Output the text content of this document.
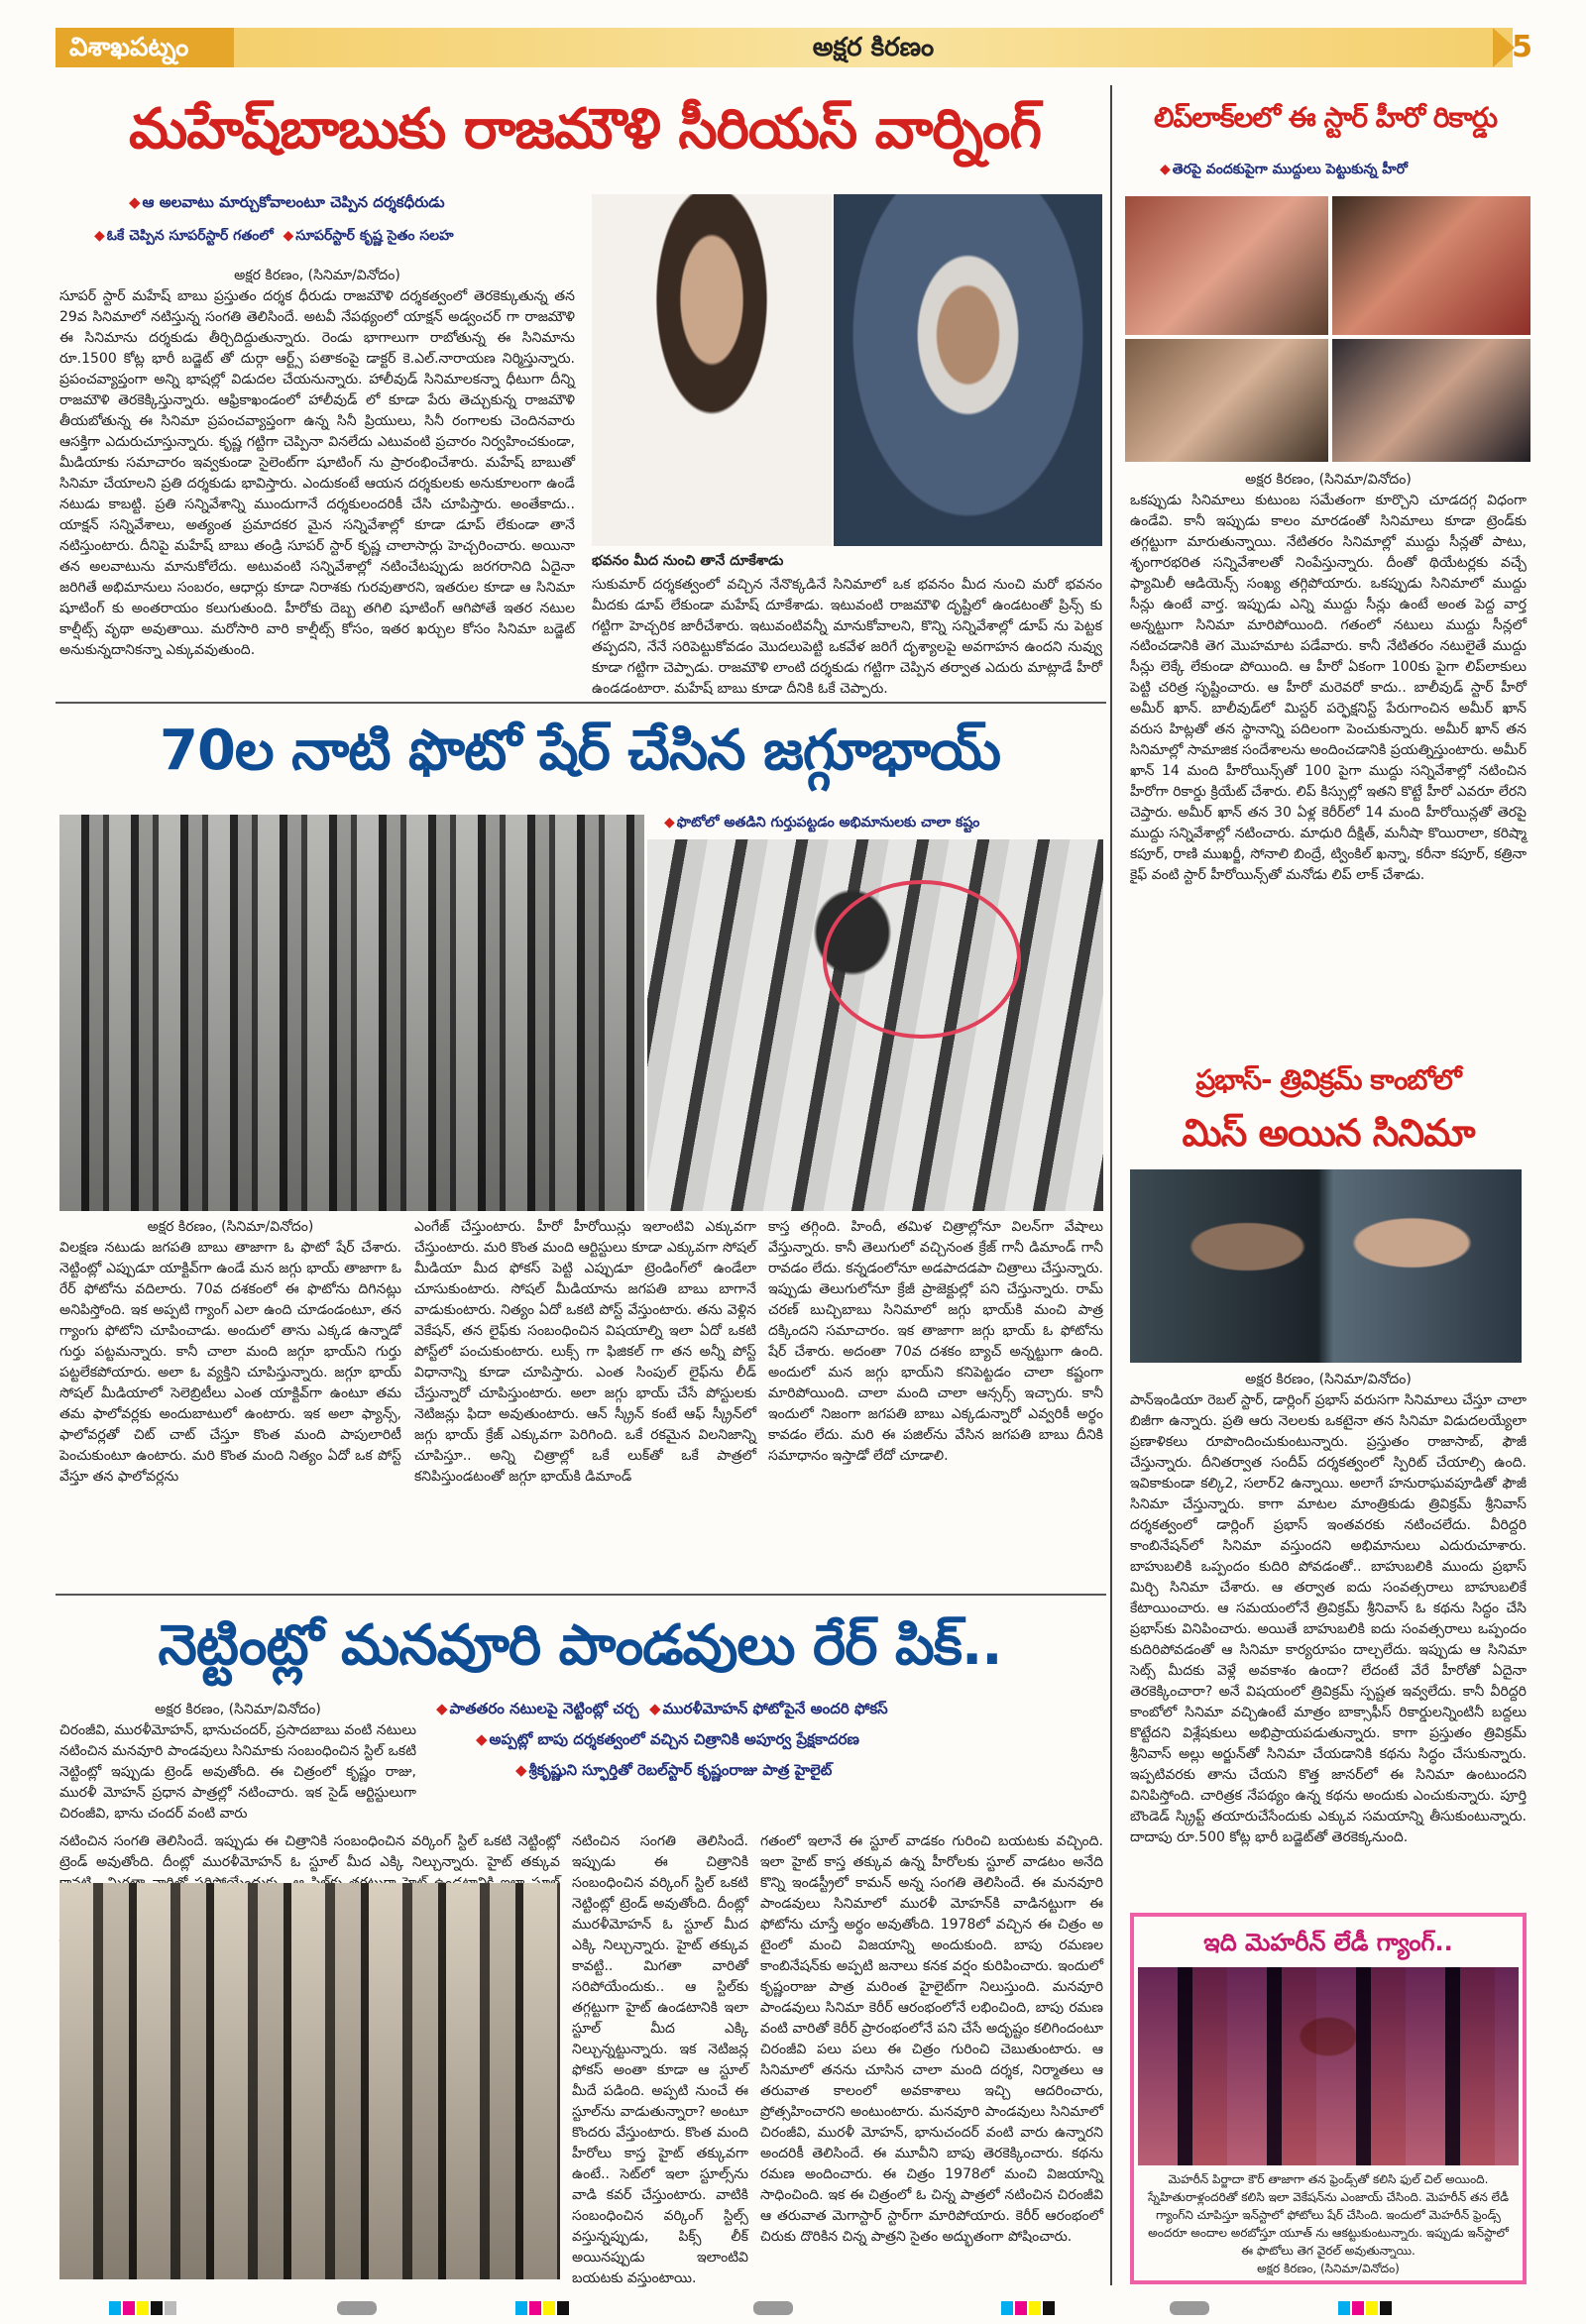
విశాఖపట్నం	అక్షర కిరణం	5
మహేష్‌బాబుకు రాజమౌళి సీరియస్ వార్నింగ్
◆ ఆ అలవాటు మార్చుకోవాలంటూ చెప్పిన దర్శకధీరుడు
◆ ఓకే చెప్పిన సూపర్‌స్టార్ గతంలో  ◆ సూపర్‌స్టార్ కృష్ణ సైతం సలహ
అక్షర కిరణం, (సినిమా/వినోదం)
సూపర్ స్టార్ మహేష్ బాబు ప్రస్తుతం దర్శక ధీరుడు రాజమౌళి దర్శకత్వంలో తెరకెక్కుతున్న తన 29వ సినిమాలో నటిస్తున్న సంగతి తెలిసిందే. అటవీ నేపథ్యంలో యాక్షన్ అడ్వంచర్ గా రాజమౌళి ఈ సినిమాను దర్శకుడు తీర్చిదిద్దుతున్నారు. రెండు భాగాలుగా రాబోతున్న ఈ సినిమాను రూ.1500 కోట్ల భారీ బడ్జెట్ తో దుర్గా ఆర్ట్స్ పతాకంపై డాక్టర్ కె.ఎల్.నారాయణ నిర్మిస్తున్నారు. ప్రపంచవ్యాప్తంగా అన్ని భాషల్లో విడుదల చేయనున్నారు. హాలీవుడ్ సినిమాలకన్నా ధీటుగా దీన్ని రాజమౌళి తెరకెక్కిస్తున్నారు. ఆఫ్రికాఖండంలో హాలీవుడ్ లో కూడా పేరు తెచ్చుకున్న రాజమౌళి తీయబోతున్న ఈ సినిమా ప్రపంచవ్యాప్తంగా ఉన్న సినీ ప్రియులు, సినీ రంగాలకు చెందినవారు ఆసక్తిగా ఎదురుచూస్తున్నారు. కృష్ణ గట్టిగా చెప్పినా వినలేదు ఎటువంటి ప్రచారం నిర్వహించకుండా, మీడియాకు సమాచారం ఇవ్వకుండా సైలెంట్‌గా షూటింగ్ ను ప్రారంభించేశారు. మహేష్ బాబుతో సినిమా చేయాలని ప్రతి దర్శకుడు భావిస్తారు. ఎందుకంటే ఆయన దర్శకులకు అనుకూలంగా ఉండే నటుడు కాబట్టి. ప్రతి సన్నివేశాన్ని ముందుగానే దర్శకులందరికీ చేసి చూపిస్తారు. అంతేకాదు.. యాక్షన్ సన్నివేశాలు, అత్యంత ప్రమాదకర మైన సన్నివేశాల్లో కూడా డూప్ లేకుండా తానే నటిస్తుంటారు. దీనిపై మహేష్ బాబు తండ్రి సూపర్ స్టార్ కృష్ణ చాలాసార్లు హెచ్చరించారు. అయినా తన అలవాటును మానుకోలేదు. అటువంటి సన్నివేశాల్లో నటించేటప్పుడు జరగరానిది ఏదైనా జరిగితే అభిమానులు సంబరం, ఆధార్లు కూడా నిరాశకు గురవుతారని, ఇతరుల కూడా ఆ సినిమా షూటింగ్ కు అంతరాయం కలుగుతుంది. హీరోకు దెబ్బ తగిలి షూటింగ్ ఆగిపోతే ఇతర నటుల కాల్షీట్స్ వృథా అవుతాయి. మరోసారి వారి కాల్షీట్స్ కోసం, ఇతర ఖర్చుల కోసం సినిమా బడ్జెట్ అనుకున్నదానికన్నా ఎక్కువవుతుంది.
భవనం మీద నుంచి తానే దూకేశాడు
సుకుమార్ దర్శకత్వంలో వచ్చిన నేనొక్కడినే సినిమాలో ఒక భవనం మీద నుంచి మరో భవనం మీదకు డూప్ లేకుండా మహేష్ దూకేశాడు. ఇటువంటి రాజమౌళి దృష్టిలో ఉండటంతో ప్రిన్స్ కు గట్టిగా హెచ్చరిక జారీచేశారు. ఇటువంటివన్నీ మానుకోవాలని, కొన్ని సన్నివేశాల్లో డూప్ ను పెట్టక తప్పదని, నేనే సరిపెట్టుకోవడం మొదలుపెట్టి ఒకవేళ జరిగే దృశ్యాలపై అవగాహన ఉందని నువ్వు కూడా గట్టిగా చెప్పాడు. రాజమౌళి లాంటి దర్శకుడు గట్టిగా చెప్పిన తర్వాత ఎదురు మాట్లాడే హీరో ఉండడంటారా. మహేష్ బాబు కూడా దీనికి ఓకే చెప్పారు.
70ల నాటి ఫొటో షేర్ చేసిన జగ్గూభాయ్
◆ ఫొటోలో అతడిని గుర్తుపట్టడం అభిమానులకు చాలా కష్టం
అక్షర కిరణం, (సినిమా/వినోదం)
విలక్షణ నటుడు జగపతి బాబు తాజాగా ఓ ఫొటో షేర్ చేశారు. నెట్టింట్లో ఎప్పుడూ యాక్టివ్‌గా ఉండే మన జగ్గు భాయ్ తాజాగా ఓ రేర్ ఫోటోను వదిలారు. 70వ దశకంలో ఈ ఫొటోను దిగినట్లు అనిపిస్తోంది. ఇక అప్పటి గ్యాంగ్ ఎలా ఉంది చూడండంటూ, తన గ్యాంగు ఫోటోని చూపించాడు. అందులో తాను ఎక్కడ ఉన్నాడో గుర్తు పట్టమన్నారు. కానీ చాలా మంది జగ్గూ భాయ్‌ని గుర్తు పట్టలేకపోయారు. అలా ఓ వ్యక్తిని చూపిస్తున్నారు. జగ్గూ భాయ్ సోషల్ మీడియాలో సెలెబ్రిటీలు ఎంత యాక్టివ్‌గా ఉంటూ తమ తమ ఫాలోవర్లకు అందుబాటులో ఉంటారు. ఇక అలా ఫ్యాన్స్‌, ఫాలోవర్లతో చిట్ చాట్ చేస్తూ కొంత మంది పాపులారిటీ పెంచుకుంటూ ఉంటారు. మరి కొంత మంది నిత్యం ఏదో ఒక పోస్ట్ వేస్తూ తన ఫాలోవర్లను
ఎంగేజ్ చేస్తుంటారు. హీరో హీరోయిన్లు ఇలాంటివి ఎక్కువగా చేస్తుంటారు. మరి కొంత మంది ఆర్టిస్టులు కూడా ఎక్కువగా సోషల్ మీడియా మీద ఫోకస్ పెట్టి ఎప్పుడూ ట్రెండింగ్‌లో ఉండేలా చూసుకుంటారు. సోషల్ మీడియాను జగపతి బాబు బాగానే వాడుకుంటారు. నిత్యం ఏదో ఒకటి పోస్ట్ వేస్తుంటారు. తను వెళ్లిన వెకేషన్, తన లైఫ్‌కు సంబంధించిన విషయాల్ని ఇలా ఏదో ఒకటి పోస్ట్‌లో పంచుకుంటారు. లుక్స్ గా ఫిజికల్ గా తన అన్నీ పోస్ట్ విధానాన్ని కూడా చూపిస్తారు. ఎంత సింపుల్ లైఫ్‌ను లీడ్ చేస్తున్నారో చూపిస్తుంటారు. అలా జగ్గు భాయ్ చేసే పోస్టులకు నెటిజన్లు ఫిదా అవుతుంటారు. ఆన్ స్క్రీన్ కంటే ఆఫ్ స్క్రీన్‌లో జగ్గు భాయ్ క్రేజ్ ఎక్కువగా పెరిగింది. ఒకే రకమైన విలనిజాన్ని చూపిస్తూ.. అన్ని చిత్రాల్లో ఒకే లుక్‌తో ఒకే పాత్రలో కనిపిస్తుండటంతో జగ్గూ భాయ్‌కి డిమాండ్
కాస్త తగ్గింది. హిందీ, తమిళ చిత్రాల్లోనూ విలన్‌గా వేషాలు వేస్తున్నారు. కానీ తెలుగులో వచ్చినంత క్రేజ్ గానీ డిమాండ్ గానీ రావడం లేదు. కన్నడంలోనూ అడపాదడపా చిత్రాలు చేస్తున్నారు. ఇప్పుడు తెలుగులోనూ క్రేజీ ప్రాజెక్టుల్లో పని చేస్తున్నారు. రామ్ చరణ్ బుచ్చిబాబు సినిమాలో జగ్గు భాయ్‌కి మంచి పాత్ర దక్కిందని సమాచారం. ఇక తాజాగా జగ్గు భాయ్ ఓ ఫోటోను షేర్ చేశారు. అదంతా 70వ దశకం బ్యాచ్ అన్నట్టుగా ఉంది. అందులో మన జగ్గు భాయ్‌ని కనిపెట్టడం చాలా కష్టంగా మారిపోయింది. చాలా మంది చాలా ఆన్సర్స్ ఇచ్చారు. కానీ ఇందులో నిజంగా జగపతి బాబు ఎక్కడున్నారో ఎవ్వరికీ అర్థం కావడం లేదు. మరి ఈ పజిల్‌ను వేసిన జగపతి బాబు దీనికి సమాధానం ఇస్తాడో లేదో చూడాలి.
నెట్టింట్లో మనవూరి పాండవులు రేర్ పిక్..
◆ పాతతరం నటులపై నెట్టింట్లో చర్చ  ◆ మురళీమోహన్ ఫోటోపైనే అందరి ఫోకస్
◆ అప్పట్లో బాపు దర్శకత్వంలో వచ్చిన చిత్రానికి అపూర్వ ప్రేక్షకాదరణ
◆ శ్రీకృష్ణుని స్ఫూర్తితో రెబల్‌స్టార్ కృష్ణంరాజు పాత్ర హైలైట్
అక్షర కిరణం, (సినిమా/వినోదం)
చిరంజీవి, మురళీమోహన్, భానుచందర్, ప్రసాదబాబు వంటి నటులు నటించిన మనవూరి పాండవులు సినిమాకు సంబంధించిన స్టిల్ ఒకటి నెట్టింట్లో ఇప్పుడు ట్రెండ్ అవుతోంది. ఈ చిత్రంలో కృష్ణం రాజు, మురళీ మోహన్ ప్రధాన పాత్రల్లో నటించారు. ఇక సైడ్ ఆర్టిస్టులుగా చిరంజీవి, భాను చందర్ వంటి వారు
నటించిన సంగతి తెలిసిందే. ఇప్పుడు ఈ చిత్రానికి సంబంధించిన వర్కింగ్ స్టిల్ ఒకటి నెట్టింట్లో ట్రెండ్ అవుతోంది. దీంట్లో మురళీమోహన్ ఓ స్టూల్ మీద ఎక్కి నిల్చున్నారు. హైట్ తక్కువ
నటించిన సంగతి తెలిసిందే. ఇప్పుడు ఈ చిత్రానికి సంబంధించిన వర్కింగ్ స్టిల్ ఒకటి నెట్టింట్లో ట్రెండ్ అవుతోంది. దీంట్లో మురళీమోహన్ ఓ స్టూల్ మీద ఎక్కి నిల్చున్నారు. హైట్ తక్కువ కావట్టి.. మిగతా వారితో సరిపోయేందుకు.. ఆ స్టిల్‌కు తగ్గట్టుగా హైట్ ఉండటానికి ఇలా స్టూల్ మీద ఎక్కి నిల్చున్నట్టున్నారు. ఇక నెటిజన్ల ఫోకస్ అంతా కూడా ఆ స్టూల్ మీదే పడింది. అప్పటి నుంచే ఈ స్టూల్‌ను వాడుతున్నారా? అంటూ కొందరు వేస్తుంటారు. కొంత మంది హీరోలు కాస్త హైట్ తక్కువగా ఉంటే.. సెట్‌లో ఇలా స్టూల్స్‌ను వాడి కవర్ చేస్తుంటారు. వాటికి సంబంధించిన వర్కింగ్ స్టిల్స్ వస్తున్నప్పుడు, పిక్స్ లీక్ అయినప్పుడు ఇలాంటివి బయటకు వస్తుంటాయి.
గతంలో ఇలానే ఈ స్టూల్ వాడకం గురించి బయటకు వచ్చింది. ఇలా హైట్ కాస్త తక్కువ ఉన్న హీరోలకు స్టూల్ వాడటం అనేది కొన్ని ఇండస్ట్రీలో కామన్ అన్న సంగతి తెలిసిందే. ఈ మనవూరి పాండవులు సినిమాలో మురళీ మోహన్‌కి వాడినట్టుగా ఈ ఫోటోను చూస్తే అర్థం అవుతోంది. 1978లో వచ్చిన ఈ చిత్రం అ టైంలో మంచి విజయాన్ని అందుకుంది. బాపు రమణల కాంబినేషన్‌కు అప్పటి జనాలు కనక వర్షం కురిపించారు. ఇందులో కృష్ణంరాజు పాత్ర మరింత హైలైట్‌గా నిలుస్తుంది. మనవూరి పాండవులు సినిమా కెరీర్ ఆరంభంలోనే లభించింది, బాపు రమణ వంటి వారితో కెరీర్ ప్రారంభంలోనే పని చేసే అదృష్టం కలిగిందంటూ చిరంజీవి పలు పలు ఈ చిత్రం గురించి చెబుతుంటారు. ఆ సినిమాలో తనను చూసిన చాలా మంది దర్శక, నిర్మాతలు ఆ తరువాత కాలంలో అవకాశాలు ఇచ్చి ఆదరించారు, ప్రోత్సహించారని అంటుంటారు. మనవూరి పాండవులు సినిమాలో చిరంజీవి, మురళీ మోహన్, భానుచందర్ వంటి వారు ఉన్నారని అందరికీ తెలిసిందే. ఈ మూవీని బాపు తెరకెక్కించారు. కథను రమణ అందించారు. ఈ చిత్రం 1978లో మంచి విజయాన్ని సాధించింది. ఇక ఈ చిత్రంలో ఓ చిన్న పాత్రలో నటించిన చిరంజీవి ఆ తరువాత మెగాస్టార్ స్టార్‌గా మారిపోయారు. కెరీర్ ఆరంభంలో చిరుకు దొరికిన చిన్న పాత్రని సైతం అద్భుతంగా పోషించారు.
లిప్‌లాక్‌లలో ఈ స్టార్ హీరో రికార్డు
◆ తెరపై వందకుపైగా ముద్దులు పెట్టుకున్న హీరో
అక్షర కిరణం, (సినిమా/వినోదం)
ఒకప్పుడు సినిమాలు కుటుంబ సమేతంగా కూర్చొని చూడదగ్గ విధంగా ఉండేవి. కానీ ఇప్పుడు కాలం మారడంతో సినిమాలు కూడా ట్రెండ్‌కు తగ్గట్టుగా మారుతున్నాయి. నేటితరం సినిమాల్లో ముద్దు సీన్లతో పాటు, శృంగారభరిత సన్నివేశాలతో నింపేస్తున్నారు. దీంతో థియేటర్లకు వచ్చే ఫ్యామిలీ ఆడియెన్స్ సంఖ్య తగ్గిపోయారు. ఒకప్పుడు సినిమాలో ముద్దు సీన్లు ఉంటే వార్త. ఇప్పుడు ఎన్ని ముద్దు సీన్లు ఉంటే అంత పెద్ద వార్త అన్నట్టుగా సినిమా మారిపోయింది. గతంలో నటులు ముద్దు సీన్లలో నటించడానికి తెగ మొహమాట పడేవారు. కానీ నేటితరం నటులైతే ముద్దు సీన్లు లెక్కే లేకుండా పోయింది. ఆ హీరో ఏకంగా 100కు పైగా లిప్‌లాకులు పెట్టి చరిత్ర సృష్టించారు. ఆ హీరో మరెవరో కాదు.. బాలీవుడ్ స్టార్ హీరో అమీర్ ఖాన్. బాలీవుడ్‌లో మిస్టర్ పర్ఫెక్షనిస్ట్ పేరుగాంచిన అమీర్ ఖాన్ వరుస హిట్లతో తన స్థానాన్ని పదిలంగా పెంచుకున్నారు. అమీర్ ఖాన్ తన సినిమాల్లో సామాజిక సందేశాలను అందించడానికి ప్రయత్నిస్తుంటారు. అమీర్ ఖాన్ 14 మంది హీరోయిన్స్‌తో 100 పైగా ముద్దు సన్నివేశాల్లో నటించిన హీరోగా రికార్డు క్రియేట్ చేశారు. లిప్ కిస్సుల్లో ఇతని కొట్టే హీరో ఎవరూ లేరని చెప్తారు. అమీర్ ఖాన్ తన 30 ఏళ్ల కెరీర్‌లో 14 మంది హీరోయిన్లతో తెరపై ముద్దు సన్నివేశాల్లో నటించారు. మాధురి దీక్షిత్, మనీషా కొయిరాలా, కరిష్మా కపూర్, రాణి ముఖర్జీ, సోనాలి బింద్రే, ట్వింకిల్ ఖన్నా, కరీనా కపూర్, కత్రినా కైఫ్ వంటి స్టార్ హీరోయిన్స్‌తో మనోడు లిప్ లాక్ చేశాడు.
ప్రభాస్- త్రివిక్రమ్ కాంబోలో
మిస్ అయిన సినిమా
అక్షర కిరణం, (సినిమా/వినోదం)
పాన్‌ఇండియా రెబల్ స్టార్, డార్లింగ్ ప్రభాస్ వరుసగా సినిమాలు చేస్తూ చాలా బిజీగా ఉన్నారు. ప్రతి ఆరు నెలలకు ఒకటైనా తన సినిమా విడుదలయ్యేలా ప్రణాళికలు రూపొందించుకుంటున్నారు. ప్రస్తుతం రాజాసాబ్, ఫౌజీ చేస్తున్నారు. దీనితర్వాత సందీప్ దర్శకత్వంలో స్పిరిట్ చేయాల్సి ఉంది. ఇవికాకుండా కల్కి2, సలార్2 ఉన్నాయి. అలాగే హనురాఘవపూడితో ఫౌజీ సినిమా చేస్తున్నారు. కాగా మాటల మాంత్రికుడు త్రివిక్రమ్ శ్రీనివాస్ దర్శకత్వంలో డార్లింగ్ ప్రభాస్ ఇంతవరకు నటించలేదు. వీరిద్దరి కాంబినేషన్‌లో సినిమా వస్తుందని అభిమానులు ఎదురుచూశారు. బాహుబలికి ఒప్పందం కుదిరి పోవడంతో.. బాహుబలికి ముందు ప్రభాస్ మిర్చి సినిమా చేశారు. ఆ తర్వాత ఐదు సంవత్సరాలు బాహుబలికే కేటాయించారు. ఆ సమయంలోనే త్రివిక్రమ్ శ్రీనివాస్ ఓ కథను సిద్ధం చేసి ప్రభాస్‌కు వినిపించారు. అయితే బాహుబలికి ఐదు సంవత్సరాలు ఒప్పందం కుదిరిపోవడంతో ఆ సినిమా కార్యరూపం దాల్చలేదు. ఇప్పుడు ఆ సినిమా సెట్స్ మీదకు వెళ్లే అవకాశం ఉందా? లేదంటే వేరే హీరోతో ఏదైనా తెరకెక్కించారా? అనే విషయంలో త్రివిక్రమ్ స్పష్టత ఇవ్వలేదు. కానీ వీరిద్దరి కాంబోలో సినిమా వచ్చిఉంటే మాత్రం బాక్సాఫీస్ రికార్డులన్నింటినీ బద్దలు కొట్టేదని విశ్లేషకులు అభిప్రాయపడుతున్నారు. కాగా ప్రస్తుతం త్రివిక్రమ్ శ్రీనివాస్ అల్లు అర్జున్‌తో సినిమా చేయడానికి కథను సిద్ధం చేసుకున్నారు. ఇప్పటివరకు తాను చేయని కొత్త జానర్‌లో ఈ సినిమా ఉంటుందని వినిపిస్తోంది. చారిత్రక నేపథ్యం ఉన్న కథను అందుకు ఎంచుకున్నారు. పూర్తి బౌండెడ్ స్క్రిప్ట్ తయారుచేసేందుకు ఎక్కువ సమయాన్ని తీసుకుంటున్నారు. దాదాపు రూ.500 కోట్ల భారీ బడ్జెట్‌తో తెరకెక్కనుంది.
ఇది మెహరీన్ లేడీ గ్యాంగ్..
మెహరీన్ పిర్జాదా కౌర్ తాజాగా తన ఫ్రెండ్స్‌తో కలిసి ఫుల్ చిల్ అయింది. స్నేహితురాళ్లందరితో కలిసి ఇలా వెకేషన్‌ను ఎంజాయ్ చేసింది. మెహరీన్ తన లేడీ గ్యాంగ్‌ని చూపిస్తూ ఇన్‌స్టాలో ఫోటోలు షేర్ చేసింది. ఇందులో మెహరీన్ ఫ్రెండ్స్ అందరూ అందాల అరబోస్తూ యూత్ ను ఆకట్టుకుంటున్నారు. ఇప్పుడు ఇన్‌స్టాలో ఈ ఫొటోలు తెగ వైరల్ అవుతున్నాయి.
అక్షర కిరణం, (సినిమా/వినోదం)
